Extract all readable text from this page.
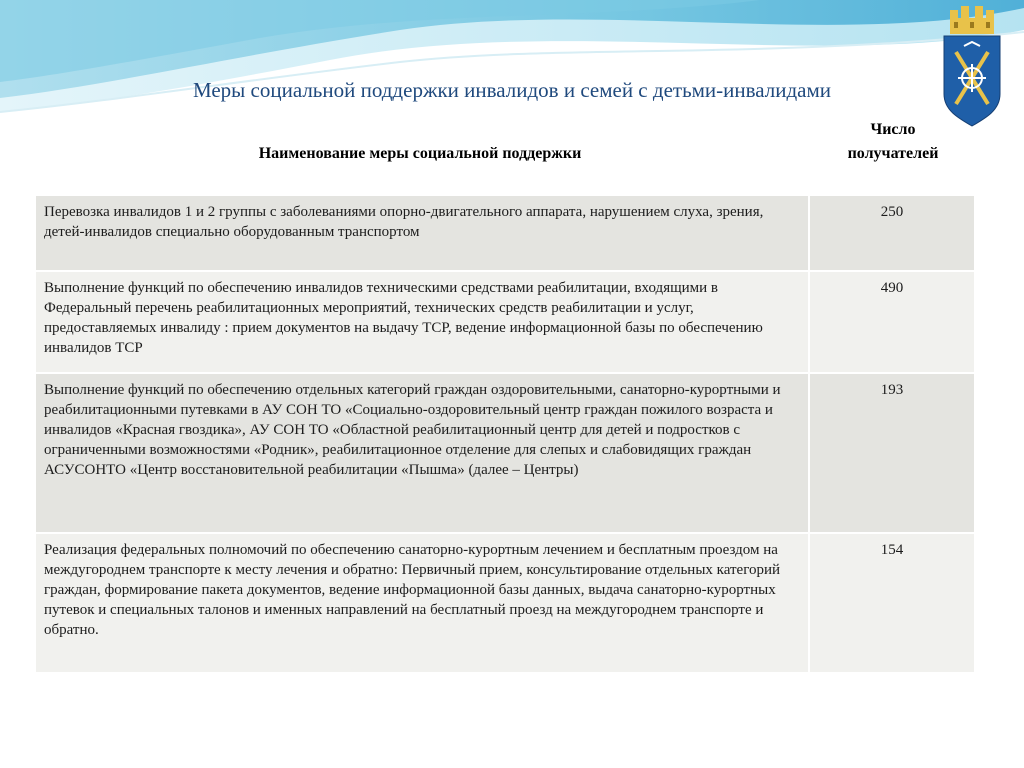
Меры социальной поддержки инвалидов и семей с детьми-инвалидами
Наименование меры социальной поддержки
Число
получателей
Перевозка инвалидов 1 и 2 группы с заболеваниями опорно-двигательного аппарата, нарушением слуха, зрения, детей-инвалидов специально оборудованным транспортом	250
Выполнение функций по обеспечению инвалидов техническими средствами реабилитации, входящими в Федеральный перечень реабилитационных мероприятий, технических средств реабилитации и услуг, предоставляемых инвалиду : прием документов на выдачу ТСР, ведение информационной базы по обеспечению инвалидов ТСР	490
Выполнение функций по обеспечению отдельных категорий граждан оздоровительными, санаторно-курортными и реабилитационными путевками в АУ СОН ТО «Социально-оздоровительный центр граждан пожилого возраста и инвалидов «Красная гвоздика», АУ СОН ТО «Областной реабилитационный центр для детей и подростков с ограниченными возможностями «Родник», реабилитационное отделение для слепых и слабовидящих граждан АСУСОНТО «Центр восстановительной реабилитации «Пышма» (далее – Центры)	193
Реализация федеральных полномочий по обеспечению санаторно-курортным лечением и бесплатным проездом на междугороднем транспорте к месту лечения и обратно: Первичный прием, консультирование отдельных категорий граждан, формирование пакета документов, ведение информационной базы данных, выдача санаторно-курортных путевок и специальных талонов и именных направлений на бесплатный проезд на междугороднем транспорте и обратно.	154
